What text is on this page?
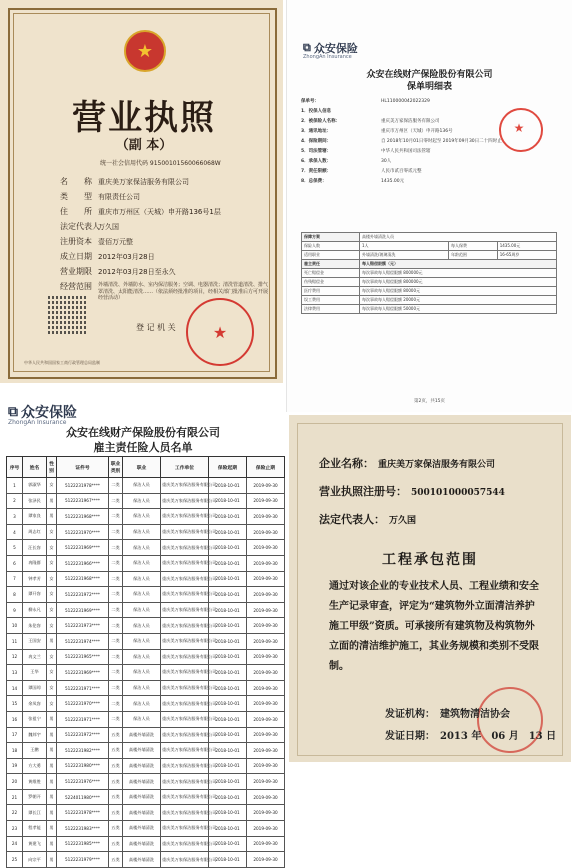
★
营业执照
（副 本）
统一社会信用代码 91500101560066068W
名　　称 重庆美万家保洁服务有限公司
类　　型 有限责任公司
住　　所 重庆市万州区（天城）申开路136号1层
法定代表人万久国
注册资本 壹佰万元整
成立日期 2012年03月28日
营业期限 2012年03月28日至永久
经营范围	外墙清洗、外墙防水、室内保洁服务；空调、电器清洗；清洗管道清洗、排气罩清洗、太阳能清洗……（依法须经批准的项目，经相关部门批准后方可开展经营活动）
登 记 机 关 ★
中华人民共和国国家工商行政管理总局监制
⧉ 众安保险
ZhongAn Insurance
众安在线财产保险股份有限公司
保单明细表
保单号：	HL110000042022329
1．投保人信息
2．被保险人名称：	重庆美万家保洁服务有限公司
3．通讯地址：	重庆市万州区（天城）申开路136号
4．保险期间：	自 2018年10月01日零时起至 2019年09月30日二十四时止
5．司法管辖：	中华人民共和国司法管辖
6．承保人数：	30人
7．责任限额：	人民币贰百零贰元整
8．总保费：	1435.00元
★
保障方案	高楼外墙清洗人员		
保险人数	1人	每人保费	1435.00元
适用职业	外墙清洗/玻璃清洗	年龄范围	16-65周岁
雇主责任	每人赔偿限额（元）		
死亡赔偿金	每次事故每人赔偿限额 800000元		
伤残赔偿金	每次事故每人赔偿限额 800000元		
医疗费用	每次事故每人赔偿限额 80000元		
误工费用	每次事故每人赔偿限额 20000元		
法律费用	每次事故每人赔偿限额 50000元		
第2页，共15页
⧉ 众安保险
ZhongAn Insurance
众安在线财产保险股份有限公司
雇主责任险人员名单
序号	姓名	性别	证件号	职业类别	职业	工作单位	保险起期	保险止期
1	郭淑华	女	5122231978****	二类	保洁人员	重庆美万家保洁服务有限公司	2018-10-01	2019-09-30
2	张泽民	男	5122231967****	二类	保洁人员	重庆美万家保洁服务有限公司	2018-10-01	2019-09-30
3	谭家良	男	5122231968****	二类	保洁人员	重庆美万家保洁服务有限公司	2018-10-01	2019-09-30
4	周志红	女	5122231970****	二类	保洁人员	重庆美万家保洁服务有限公司	2018-10-01	2019-09-30
5	汪长容	女	5122231969****	二类	保洁人员	重庆美万家保洁服务有限公司	2018-10-01	2019-09-30
6	冉隆群	女	5122231966****	二类	保洁人员	重庆美万家保洁服务有限公司	2018-10-01	2019-09-30
7	钟孝芳	女	5122231968****	二类	保洁人员	重庆美万家保洁服务有限公司	2018-10-01	2019-09-30
8	谭开容	女	5122231972****	二类	保洁人员	重庆美万家保洁服务有限公司	2018-10-01	2019-09-30
9	柳永凡	女	5122231969****	二类	保洁人员	重庆美万家保洁服务有限公司	2018-10-01	2019-09-30
10	朱伦容	女	5122231973****	二类	保洁人员	重庆美万家保洁服务有限公司	2018-10-01	2019-09-30
11	王国安	男	5122231974****	二类	保洁人员	重庆美万家保洁服务有限公司	2018-10-01	2019-09-30
12	冉文兰	女	5122231965****	二类	保洁人员	重庆美万家保洁服务有限公司	2018-10-01	2019-09-30
13	王华	女	5122231969****	二类	保洁人员	重庆美万家保洁服务有限公司	2018-10-01	2019-09-30
14	谭国琼	女	5122231971****	二类	保洁人员	重庆美万家保洁服务有限公司	2018-10-01	2019-09-30
15	余凤容	女	5122231970****	二类	保洁人员	重庆美万家保洁服务有限公司	2018-10-01	2019-09-30
16	张祖宁	男	5122231971****	二类	保洁人员	重庆美万家保洁服务有限公司	2018-10-01	2019-09-30
17	魏邦宇	男	5122231972****	五类	高楼外墙清洗	重庆美万家保洁服务有限公司	2018-10-01	2019-09-30
18	王鹏	男	5122231982****	五类	高楼外墙清洗	重庆美万家保洁服务有限公司	2018-10-01	2019-09-30
19	方大勇	男	5122231980****	五类	高楼外墙清洗	重庆美万家保洁服务有限公司	2018-10-01	2019-09-30
20	黄维胜	男	5122231976****	五类	高楼外墙清洗	重庆美万家保洁服务有限公司	2018-10-01	2019-09-30
21	罗朝开	男	5224011980****	五类	高楼外墙清洗	重庆美万家保洁服务有限公司	2018-10-01	2019-09-30
22	谭长江	男	5122231978****	五类	高楼外墙清洗	重庆美万家保洁服务有限公司	2018-10-01	2019-09-30
23	程孝能	男	5122231983****	五类	高楼外墙清洗	重庆美万家保洁服务有限公司	2018-10-01	2019-09-30
24	黄建飞	男	5122231985****	五类	高楼外墙清洗	重庆美万家保洁服务有限公司	2018-10-01	2019-09-30
25	向宗平	男	5122231979****	五类	高楼外墙清洗	重庆美万家保洁服务有限公司	2018-10-01	2019-09-30
企业名称： 重庆美万家保洁服务有限公司
营业执照注册号： 500101000057544
法定代表人： 万久国
工程承包范围
通过对该企业的专业技术人员、工程业绩和安全生产记录审查，评定为“建筑物外立面清洁养护施工甲级”资质。可承接所有建筑物及构筑物外立面的清洁维护施工，其业务规模和类别不受限制。
发证机构：　建筑物清洁协会
发证日期：　2013 年　06 月　13 日
